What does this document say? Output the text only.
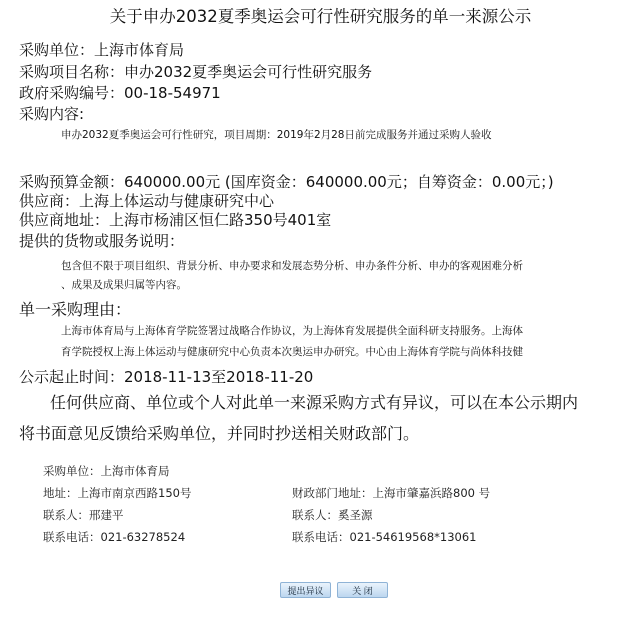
关于申办2032夏季奥运会可行性研究服务的单一来源公示
采购单位：上海市体育局
采购项目名称：申办2032夏季奥运会可行性研究服务
政府采购编号：00-18-54971
采购内容:
申办2032夏季奥运会可行性研究，项目周期：2019年2月28日前完成服务并通过采购人验收
采购预算金额：640000.00元 (国库资金：640000.00元；自筹资金：0.00元；)
供应商：上海上体运动与健康研究中心
供应商地址：上海市杨浦区恒仁路350号401室
提供的货物或服务说明：
包含但不限于项目组织、背景分析、申办要求和发展态势分析、申办条件分析、申办的客观困难分析
、成果及成果归属等内容。
单一采购理由：
上海市体育局与上海体育学院签署过战略合作协议，为上海体育发展提供全面科研支持服务。上海体
育学院授权上海上体运动与健康研究中心负责本次奥运申办研究。中心由上海体育学院与尚体科技健
公示起止时间：2018-11-13至2018-11-20
任何供应商、单位或个人对此单一来源采购方式有异议，可以在本公示期内
将书面意见反馈给采购单位，并同时抄送相关财政部门。
采购单位：上海市体育局
地址：上海市南京西路150号
联系人：邢建平
联系电话：021-63278524
财政部门地址：上海市肇嘉浜路800 号
联系人：奚圣源
联系电话：021-54619568*13061
提出异议	关 闭
